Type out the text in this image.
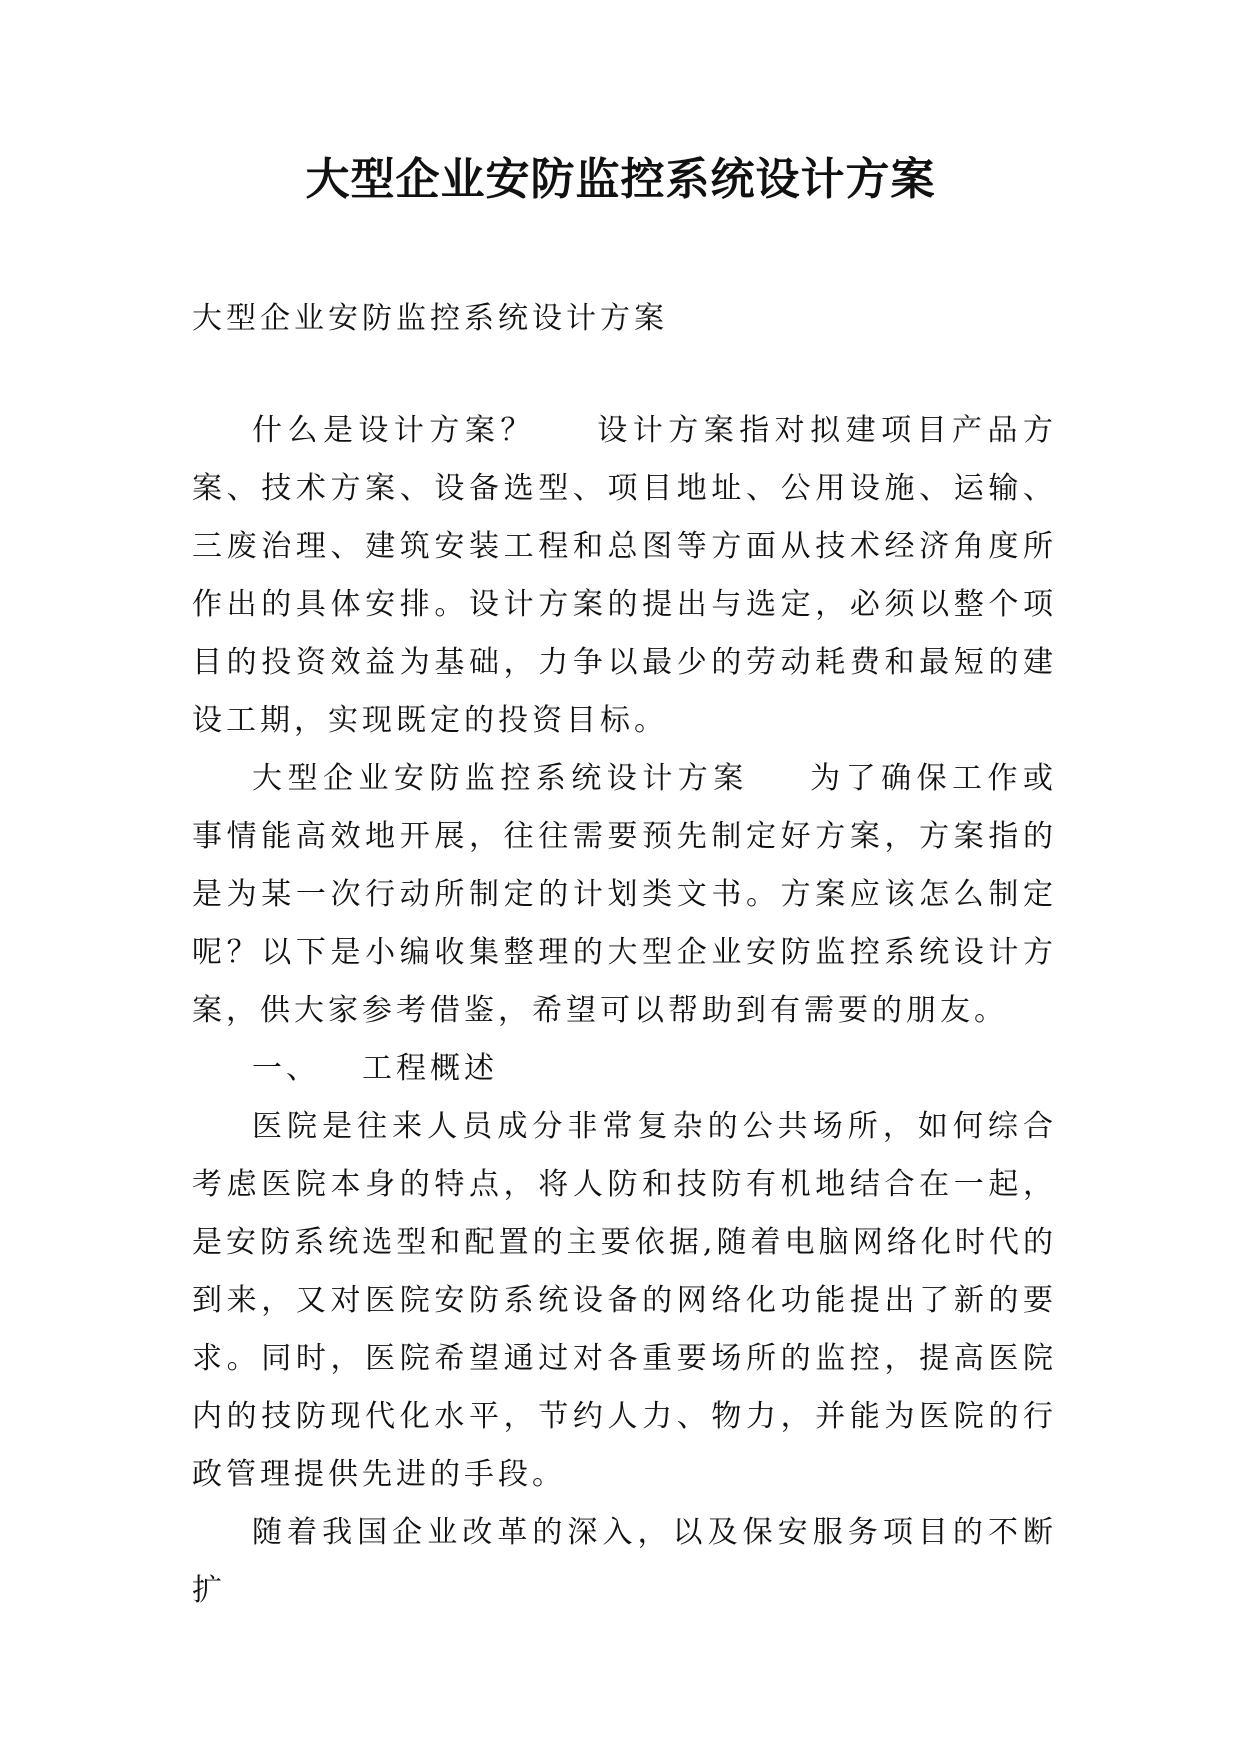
大型企业安防监控系统设计方案
大型企业安防监控系统设计方案

什么是设计方案？ 设计方案指对拟建项目产品方案、技术方案、设备选型、项目地址、公用设施、运输、三废治理、建筑安装工程和总图等方面从技术经济角度所作出的具体安排。设计方案的提出与选定，必须以整个项目的投资效益为基础，力争以最少的劳动耗费和最短的建设工期，实现既定的投资目标。

大型企业安防监控系统设计方案 为了确保工作或事情能高效地开展，往往需要预先制定好方案，方案指的是为某一次行动所制定的计划类文书。方案应该怎么制定呢？以下是小编收集整理的大型企业安防监控系统设计方案，供大家参考借鉴，希望可以帮助到有需要的朋友。

一、 工程概述

医院是往来人员成分非常复杂的公共场所，如何综合考虑医院本身的特点，将人防和技防有机地结合在一起，是安防系统选型和配置的主要依据,随着电脑网络化时代的到来，又对医院安防系统设备的网络化功能提出了新的要求。同时，医院希望通过对各重要场所的监控，提高医院内的技防现代化水平，节约人力、物力，并能为医院的行政管理提供先进的手段。

随着我国企业改革的深入，以及保安服务项目的不断扩
